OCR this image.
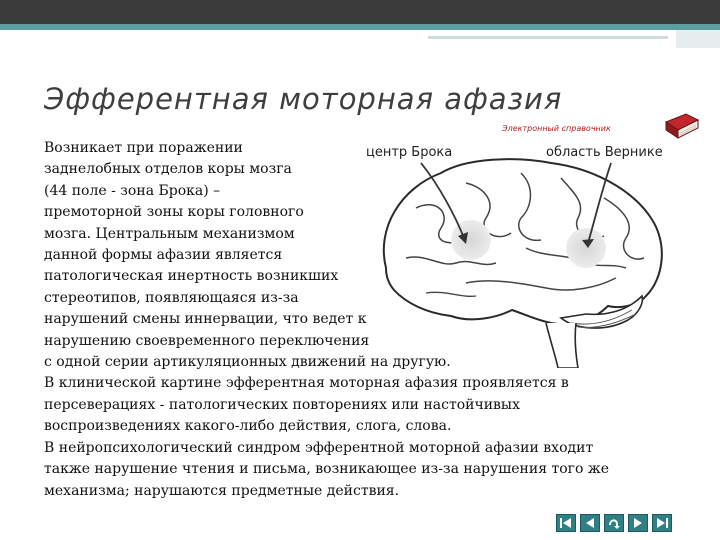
Эфферентная моторная афазия
Электронный справочник
центр Брока	область Вернике
Возникает при поражении
заднелобных отделов коры мозга
(44 поле - зона Брока) –
премоторной зоны коры головного
мозга. Центральным механизмом
данной формы афазии является
патологическая инертность возникших
стереотипов, появляющаяся из-за
нарушений смены иннервации, что ведет к
нарушению своевременного переключения
с одной серии артикуляционных движений на другую.
В клинической картине эфферентная моторная афазия проявляется в
персеверациях - патологических повторениях или настойчивых
воспроизведениях какого-либо действия, слога, слова.
В нейропсихологический синдром эфферентной моторной афазии входит
также нарушение чтения и письма, возникающее из-за нарушения того же
механизма; нарушаются предметные действия.
